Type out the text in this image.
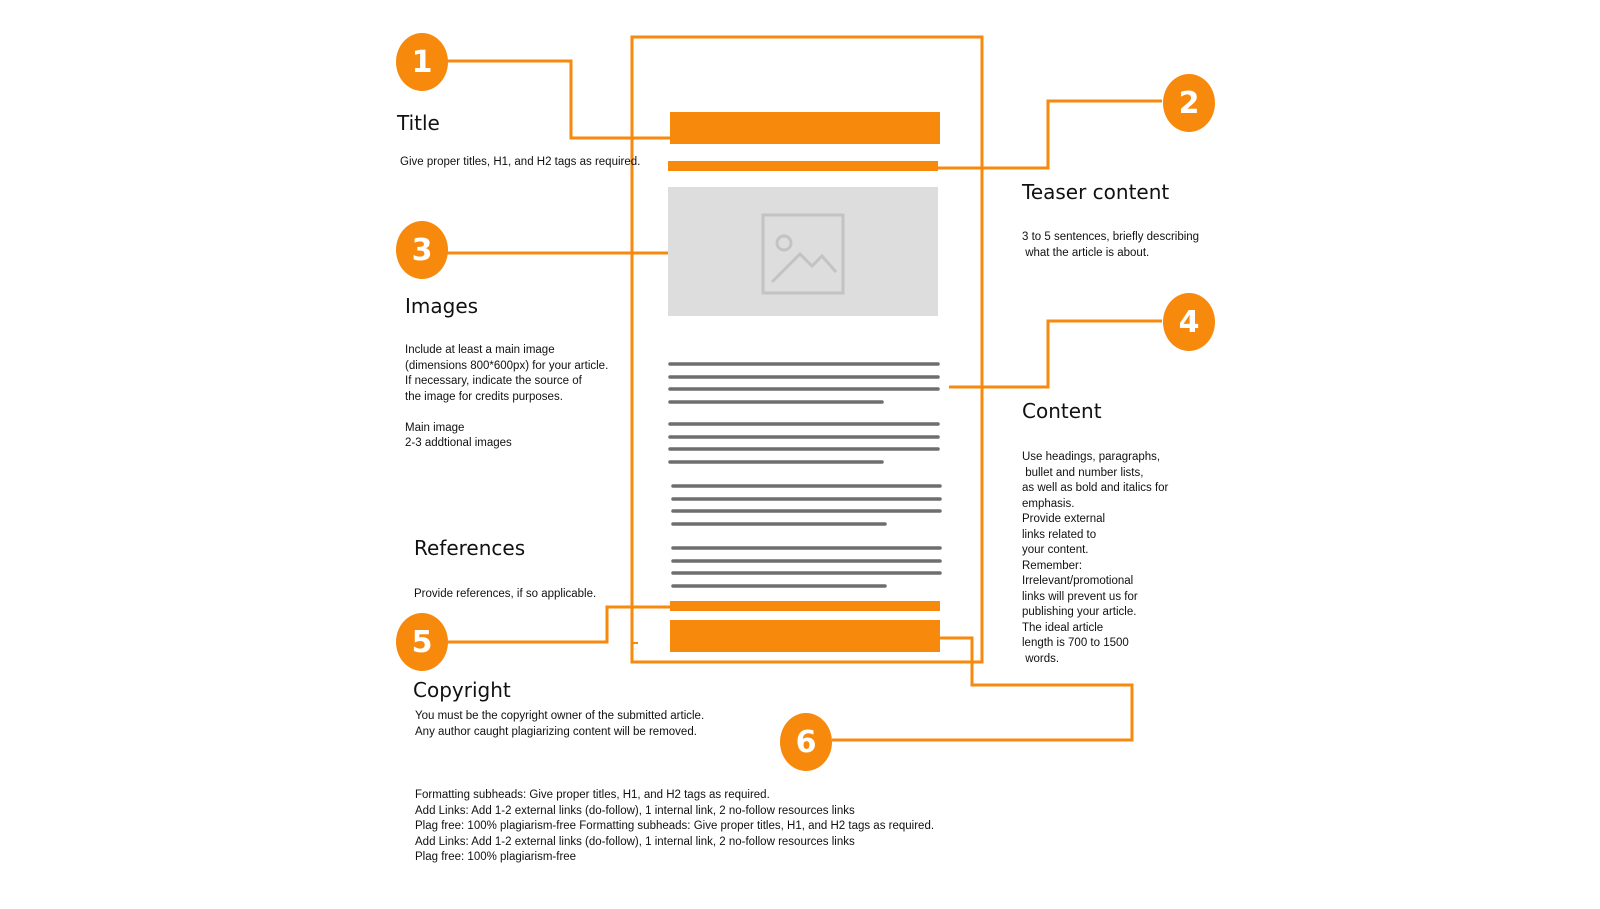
1
2
3
4
5
6
Title
Give proper titles, H1, and H2 tags as required.
Teaser content
3 to 5 sentences, briefly describing
what the article is about.
Images
Include at least a main image
(dimensions 800*600px) for your article.
If necessary, indicate the source of
the image for credits purposes.
Main image
2-3 addtional images
Content
Use headings, paragraphs,
bullet and number lists,
as well as bold and italics for
emphasis.
Provide external
links related to
your content.
Remember:
Irrelevant/promotional
links will prevent us for
publishing your article.
The ideal article
length is 700 to 1500
words.
References
Provide references, if so applicable.
Copyright
You must be the copyright owner of the submitted article.
Any author caught plagiarizing content will be removed.
Formatting subheads: Give proper titles, H1, and H2 tags as required.
Add Links: Add 1-2 external links (do-follow), 1 internal link, 2 no-follow resources links
Plag free: 100% plagiarism-free Formatting subheads: Give proper titles, H1, and H2 tags as required.
Add Links: Add 1-2 external links (do-follow), 1 internal link, 2 no-follow resources links
Plag free: 100% plagiarism-free
